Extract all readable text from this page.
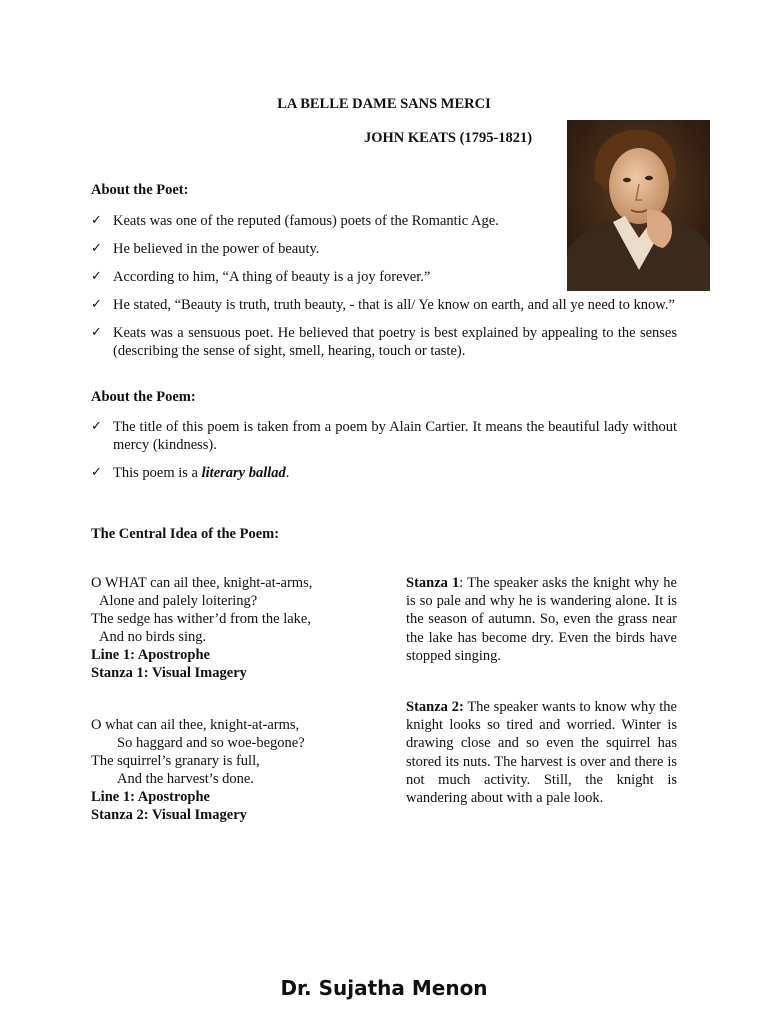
LA BELLE DAME SANS MERCI
JOHN KEATS (1795-1821)
About the Poet:
✓ Keats was one of the reputed (famous) poets of the Romantic Age.
✓ He believed in the power of beauty.
✓ According to him, “A thing of beauty is a joy forever.”
✓ He stated, “Beauty is truth, truth beauty, - that is all/ Ye know on earth, and all ye need to know.”
✓ Keats was a sensuous poet. He believed that poetry is best explained by appealing to the senses (describing the sense of sight, smell, hearing, touch or taste).
About the Poem:
✓ The title of this poem is taken from a poem by Alain Cartier. It means the beautiful lady without mercy (kindness).
✓ This poem is a literary ballad.
The Central Idea of the Poem:
O WHAT can ail thee, knight-at-arms,
Alone and palely loitering?
The sedge has wither’d from the lake,
And no birds sing.
Line 1: Apostrophe
Stanza 1: Visual Imagery
Stanza 1: The speaker asks the knight why he is so pale and why he is wandering alone. It is the season of autumn. So, even the grass near the lake has become dry. Even the birds have stopped singing.
O what can ail thee, knight-at-arms,
So haggard and so woe-begone?
The squirrel’s granary is full,
And the harvest’s done.
Line 1: Apostrophe
Stanza 2: Visual Imagery
Stanza 2: The speaker wants to know why the knight looks so tired and worried. Winter is drawing close and so even the squirrel has stored its nuts. The harvest is over and there is not much activity. Still, the knight is wandering about with a pale look.
Dr. Sujatha Menon
